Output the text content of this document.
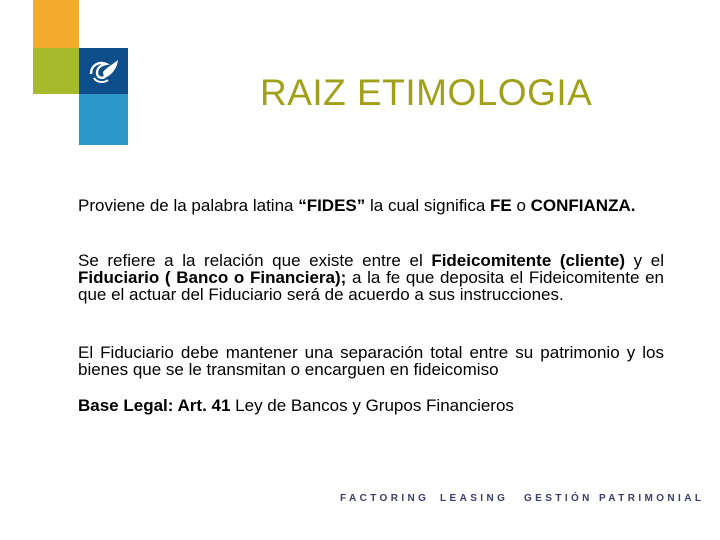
RAIZ ETIMOLOGIA
Proviene de la palabra latina “FIDES” la cual significa FE o CONFIANZA.
Se refiere a la relación que existe entre el Fideicomitente (cliente) y el Fiduciario ( Banco o Financiera); a la fe que deposita el Fideicomitente en que el actuar del Fiduciario será de acuerdo a sus instrucciones.
El Fiduciario debe mantener una separación total entre su patrimonio y los bienes que se le transmitan o encarguen en fideicomiso
Base Legal: Art. 41 Ley de Bancos y Grupos Financieros
FACTORING LEASING GESTIÓN PATRIMONIAL
